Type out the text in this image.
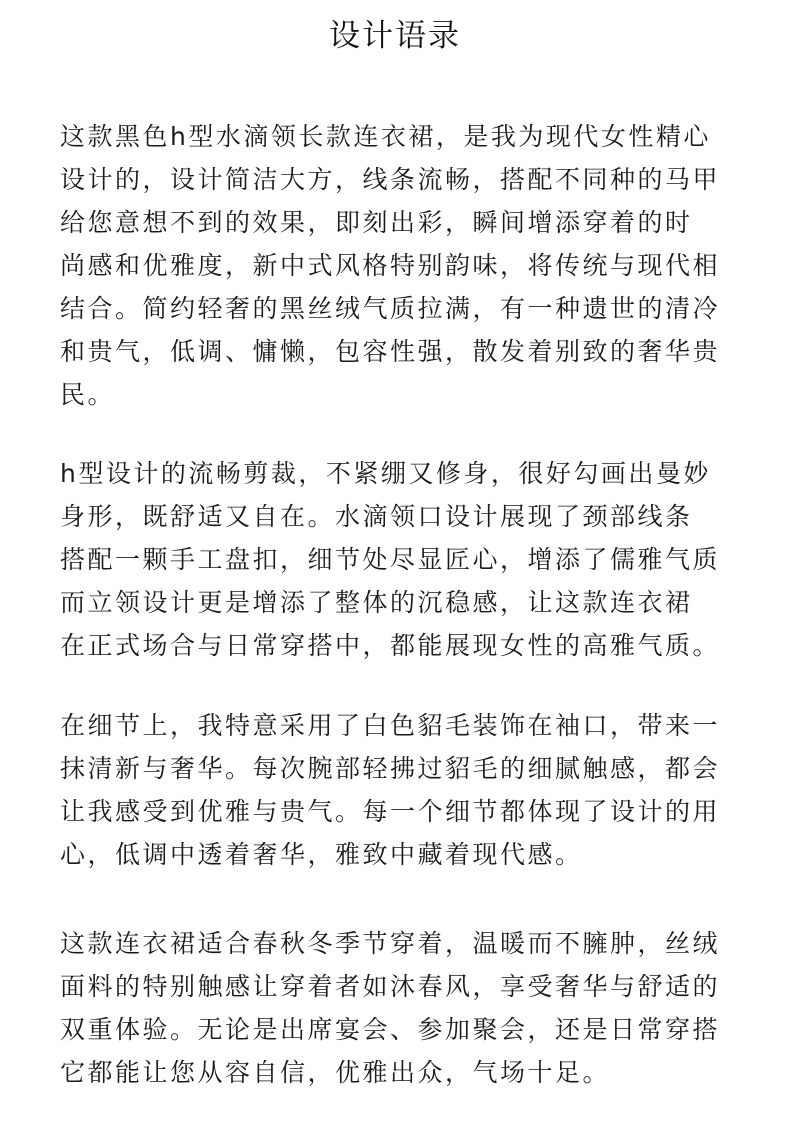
设计语录
这款黑色h型水滴领长款连衣裙，是我为现代女性精心
设计的，设计简洁大方，线条流畅，搭配不同种的马甲
给您意想不到的效果，即刻出彩，瞬间增添穿着的时
尚感和优雅度，新中式风格特别韵味，将传统与现代相
结合。简约轻奢的黑丝绒气质拉满，有一种遗世的清冷
和贵气，低调、慵懒，包容性强，散发着别致的奢华贵
民。
h型设计的流畅剪裁，不紧绷又修身，很好勾画出曼妙
身形，既舒适又自在。水滴领口设计展现了颈部线条
搭配一颗手工盘扣，细节处尽显匠心，增添了儒雅气质
而立领设计更是增添了整体的沉稳感，让这款连衣裙
在正式场合与日常穿搭中，都能展现女性的高雅气质。
在细节上，我特意采用了白色貂毛装饰在袖口，带来一
抹清新与奢华。每次腕部轻拂过貂毛的细腻触感，都会
让我感受到优雅与贵气。每一个细节都体现了设计的用
心，低调中透着奢华，雅致中藏着现代感。
这款连衣裙适合春秋冬季节穿着，温暖而不臃肿，丝绒
面料的特别触感让穿着者如沐春风，享受奢华与舒适的
双重体验。无论是出席宴会、参加聚会，还是日常穿搭
它都能让您从容自信，优雅出众，气场十足。
